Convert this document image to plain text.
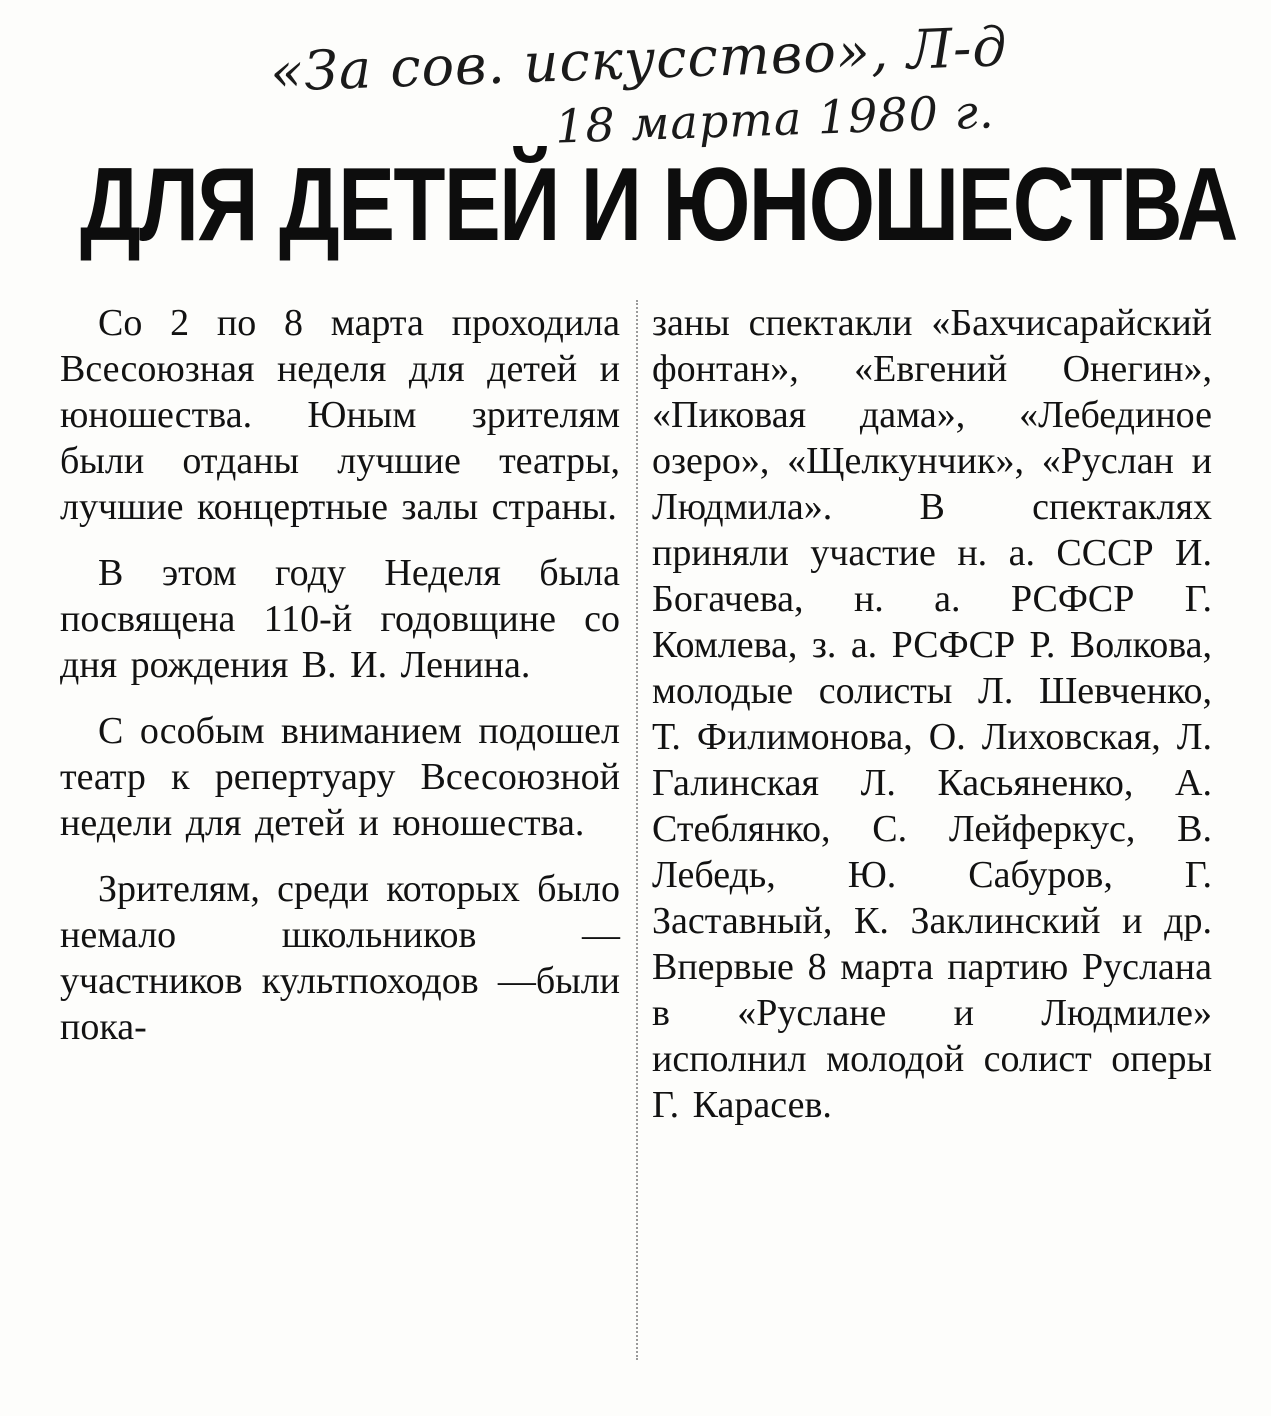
«За сов. искусство», Л-д
18 марта 1980 г.
ДЛЯ ДЕТЕЙ И ЮНОШЕСТВА

Со 2 по 8 марта проходила Всесоюзная неделя для детей и юношества. Юным зрителям были отданы лучшие театры, лучшие концертные залы страны.

В этом году Неделя была посвящена 110-й годовщине со дня рождения В. И. Ленина.

С особым вниманием подошел театр к репертуару Всесоюзной недели для детей и юношества.

Зрителям, среди которых было немало школьников — участников культпоходов —были пока-

заны спектакли «Бахчисарайский фонтан», «Евгений Онегин», «Пиковая дама», «Лебединое озеро», «Щелкунчик», «Руслан и Людмила». В спектаклях приняли участие н. а. СССР И. Богачева, н. а. РСФСР Г. Комлева, з. а. РСФСР Р. Волкова, молодые солисты Л. Шевченко, Т. Филимонова, О. Лиховская, Л. Галинская Л. Касьяненко, А. Стеблянко, С. Лейферкус, В. Лебедь, Ю. Сабуров, Г. Заставный, К. Заклинский и др. Впервые 8 марта партию Руслана в «Руслане и Людмиле» исполнил молодой солист оперы Г. Карасев.
